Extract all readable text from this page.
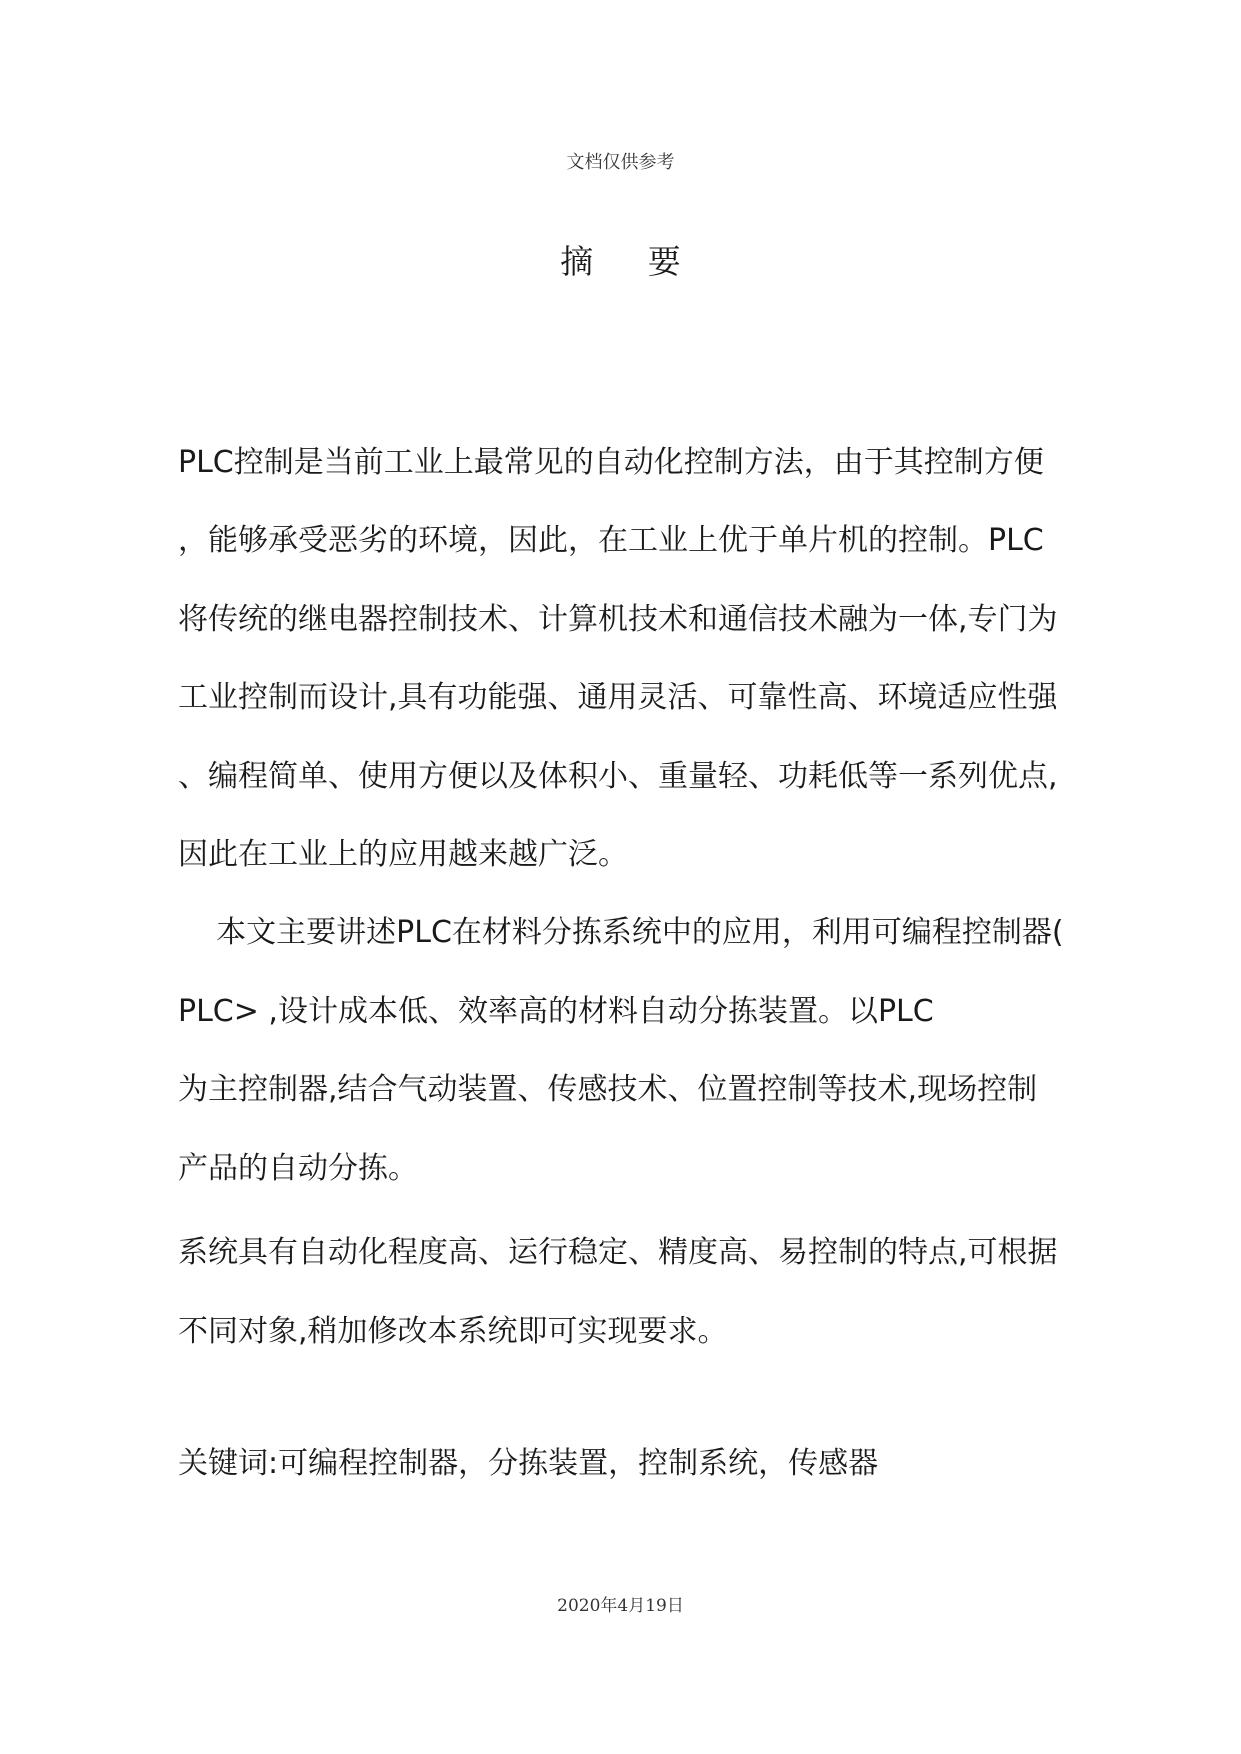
文档仅供参考
摘 要
PLC控制是当前工业上最常见的自动化控制方法，由于其控制方便
，能够承受恶劣的环境，因此，在工业上优于单片机的控制。PLC
将传统的继电器控制技术、计算机技术和通信技术融为一体,专门为
工业控制而设计,具有功能强、通用灵活、可靠性高、环境适应性强
、编程简单、使用方便以及体积小、重量轻、功耗低等一系列优点,
因此在工业上的应用越来越广泛。
本文主要讲述PLC在材料分拣系统中的应用，利用可编程控制器(
PLC> ,设计成本低、效率高的材料自动分拣装置。以PLC
为主控制器,结合气动装置、传感技术、位置控制等技术,现场控制
产品的自动分拣。
系统具有自动化程度高、运行稳定、精度高、易控制的特点,可根据
不同对象,稍加修改本系统即可实现要求。
关键词:可编程控制器，分拣装置，控制系统，传感器
2020年4月19日
